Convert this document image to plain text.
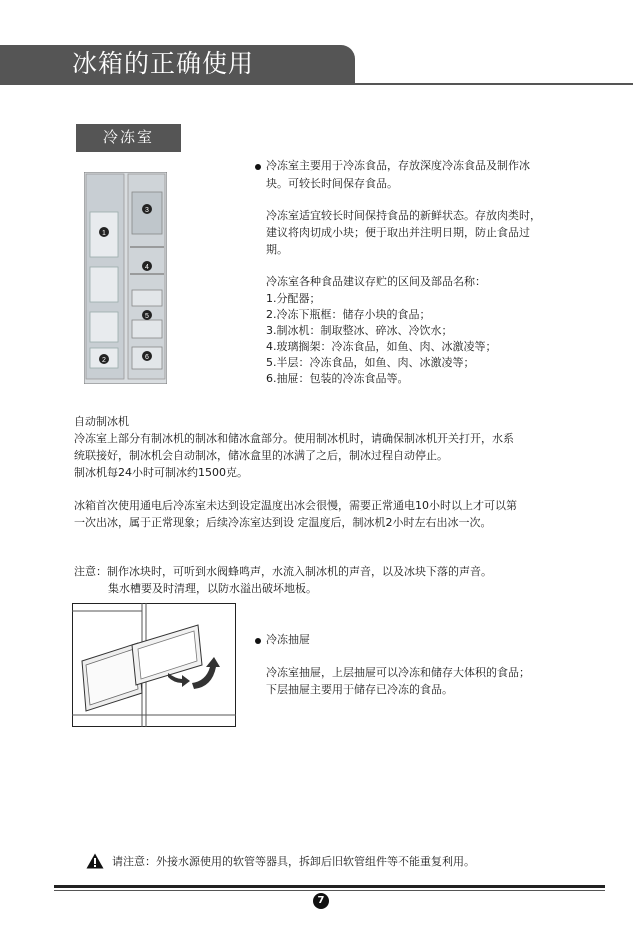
冰箱的正确使用
冷冻室
1
2
3
4
5
6
冷冻室主要用于冷冻食品，存放深度冷冻食品及制作冰
块。可较长时间保存食品。
冷冻室适宜较长时间保持食品的新鲜状态。存放肉类时，
建议将肉切成小块；便于取出并注明日期，防止食品过
期。
冷冻室各种食品建议存贮的区间及部品名称：
1.分配器；
2.冷冻下瓶框：储存小块的食品；
3.制冰机：制取整冰、碎冰、冷饮水；
4.玻璃搁架：冷冻食品，如鱼、肉、冰激凌等；
5.半层：冷冻食品，如鱼、肉、冰激凌等；
6.抽屉：包装的冷冻食品等。
自动制冰机
冷冻室上部分有制冰机的制冰和储冰盒部分。使用制冰机时，请确保制冰机开关打开，水系
统联接好，制冰机会自动制冰，储冰盒里的冰满了之后，制冰过程自动停止。
制冰机每24小时可制冰约1500克。
冰箱首次使用通电后冷冻室未达到设定温度出冰会很慢，需要正常通电10小时以上才可以第
一次出冰，属于正常现象；后续冷冻室达到设 定温度后，制冰机2小时左右出冰一次。
注意：制作冰块时，可听到水阀蜂鸣声，水流入制冰机的声音，以及冰块下落的声音。
集水槽要及时清理，以防水溢出破坏地板。
冷冻抽屉
冷冻室抽屉，上层抽屉可以冷冻和储存大体积的食品；
下层抽屉主要用于储存已冷冻的食品。
请注意：外接水源使用的软管等器具，拆卸后旧软管组件等不能重复利用。
7
